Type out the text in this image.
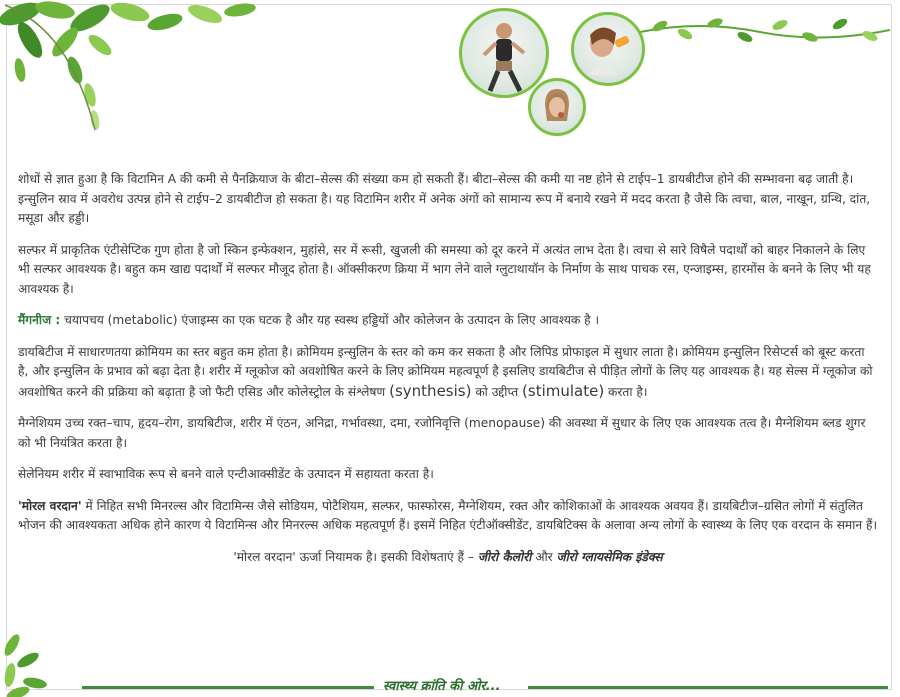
शोधों से ज्ञात हुआ है कि विटामिन A की कमी से पैनक्रियाज के बीटा–सेल्स की संख्या कम हो सकती हैं। बीटा–सेल्स की कमी या नष्ट होने से टाईप–1 डायबीटीज होने की सम्भावना बढ़ जाती है। इन्सुलिन स्राव में अवरोध उत्पन्न होने से टाईप–2 डायबीटीज हो सकता है। यह विटामिन शरीर में अनेक अंगों को सामान्य रूप में बनाये रखने में मदद करता है जैसे कि त्वचा, बाल, नाखून, ग्रन्थि, दांत, मसूडा और हड्डी।

सल्फर में प्राकृतिक एंटीसेप्टिक गुण होता है जो स्किन इन्फेक्शन, मुहांसे, सर में रूसी, खुजली की समस्या को दूर करने में अत्यंत लाभ देता है। त्वचा से सारे विषैले पदार्थों को बाहर निकालने के लिए भी सल्फर आवश्यक है। बहुत कम खाद्य पदार्थों में सल्फर मौजूद होता है। ऑक्सीकरण क्रिया में भाग लेने वाले ग्लुटाथायॉन के निर्माण के साथ पाचक रस, एन्जाइम्स, हारमोंस के बनने के लिए भी यह आवश्यक है।

मैंगनीज : चयापचय (metabolic) एंजाइम्स का एक घटक है और यह स्वस्थ हड्डियों और कोलेजन के उत्पादन के लिए आवश्यक है ।

डायबिटीज में साधारणतया क्रोमियम का स्तर बहुत कम होता है। क्रोमियम इन्सुलिन के स्तर को कम कर सकता है और लिपिड प्रोफाइल में सुधार लाता है। क्रोमियम इन्सुलिन रिसेप्टर्स को बूस्ट करता है, और इन्सुलिन के प्रभाव को बढ़ा देता है। शरीर में ग्लूकोज को अवशोषित करने के लिए क्रोमियम महत्वपूर्ण है इसलिए डायबिटीज से पीड़ित लोगों के लिए यह आवश्यक है। यह सेल्स में ग्लूकोज को अवशोषित करने की प्रक्रिया को बढ़ाता है जो फैटी एसिड और कोलेस्ट्रोल के संश्लेषण (synthesis) को उद्दीप्त (stimulate) करता है।

मैग्नेशियम उच्च रक्त–चाप, हृदय–रोग, डायबिटीज, शरीर में एंठन, अनिद्रा, गर्भावस्था, दमा, रजोनिवृत्ति (menopause) की अवस्था में सुधार के लिए एक आवश्यक तत्व है। मैग्नेशियम ब्लड शुगर को भी नियंत्रित करता है।

सेलेनियम शरीर में स्वाभाविक रूप से बनने वाले एन्टीआक्सीडेंट के उत्पादन में सहायता करता है।

'मोरल वरदान' में निहित सभी मिनरल्स और विटामिन्स जैसे सोडियम, पोटैशियम, सल्फर, फास्फोरस, मैग्नेशियम, रक्त और कोशिकाओं के आवश्यक अवयव हैं। डायबिटीज–ग्रसित लोगों में संतुलित भोजन की आवश्यकता अधिक होने कारण ये विटामिन्स और मिनरल्स अधिक महत्वपूर्ण हैं। इसमें निहित एंटीऑक्सीडेंट, डायबिटिक्स के अलावा अन्य लोगों के स्वास्थ्य के लिए एक वरदान के समान हैं।

'मोरल वरदान' ऊर्जा नियामक है। इसकी विशेषताएं हैं – जीरो कैलोरी और जीरो ग्लायसेमिक इंडेक्स

स्वास्थ्य क्रांति की ओर...
